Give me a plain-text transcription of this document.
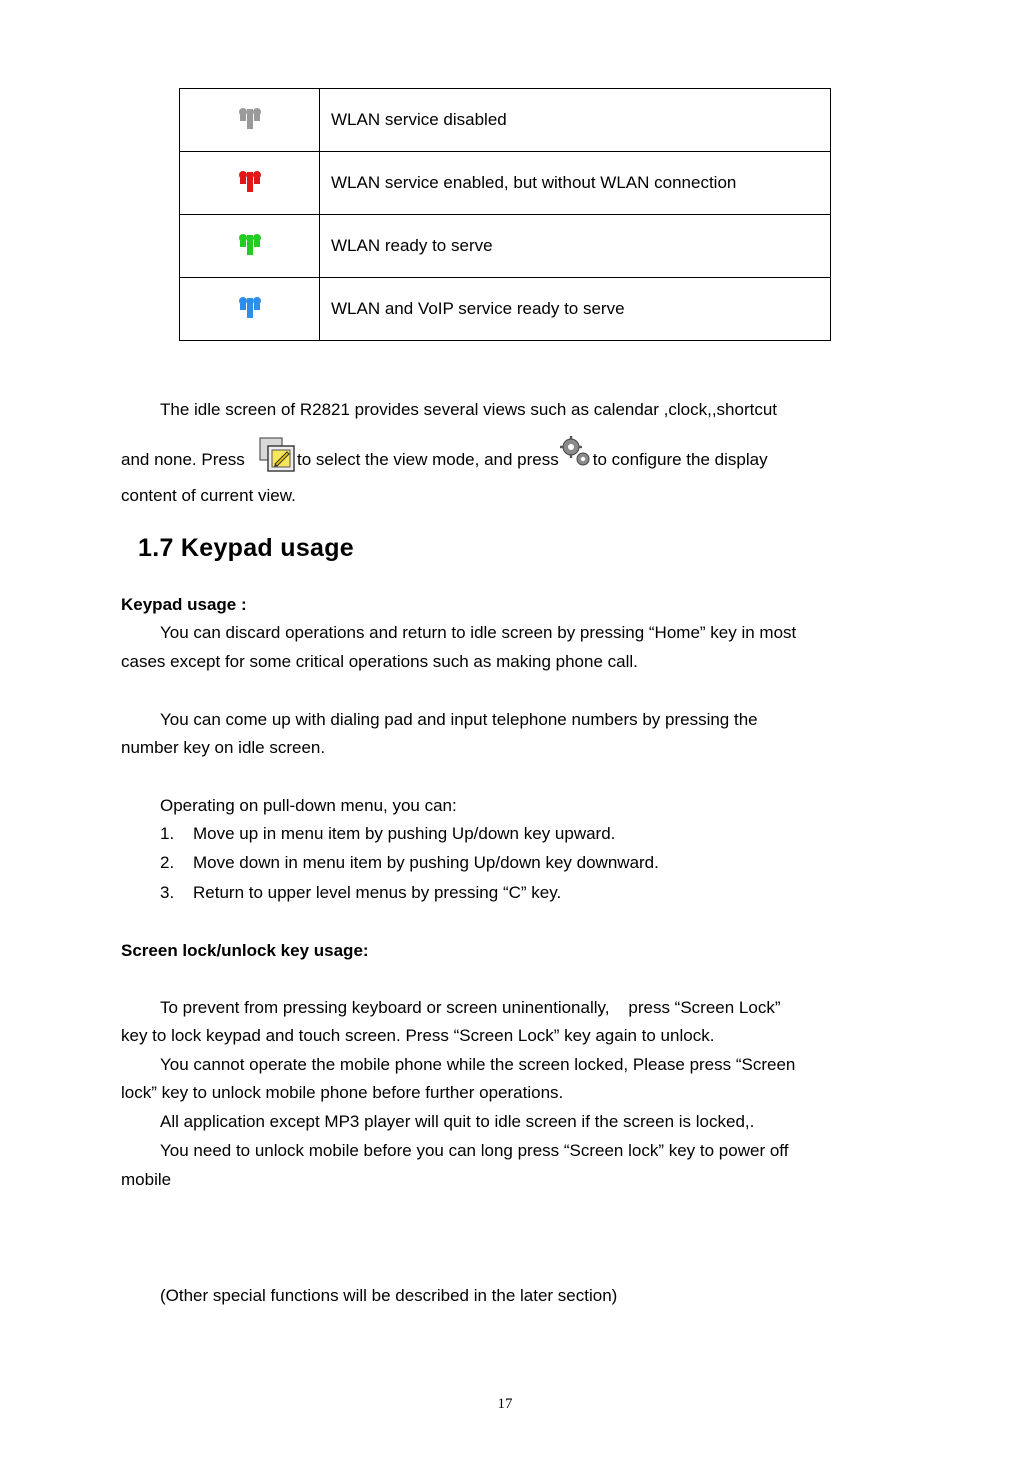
	WLAN service disabled
	WLAN service enabled, but without WLAN connection
	WLAN ready to serve
	WLAN and VoIP service ready to serve
The idle screen of R2821 provides several views such as calendar ,clock,,shortcut
and none. Press	to select the view mode, and press to configure the display
content of current view.
1.7 Keypad usage
Keypad usage :
You can discard operations and return to idle screen by pressing “Home” key in most
cases except for some critical operations such as making phone call.
You can come up with dialing pad and input telephone numbers by pressing the
number key on idle screen.
Operating on pull-down menu, you can:
1. Move up in menu item by pushing Up/down key upward.
2. Move down in menu item by pushing Up/down key downward.
3. Return to upper level menus by pressing “C” key.
Screen lock/unlock key usage:
To prevent from pressing keyboard or screen uninentionally,    press “Screen Lock”
key to lock keypad and touch screen. Press “Screen Lock” key again to unlock.
You cannot operate the mobile phone while the screen locked, Please press “Screen
lock” key to unlock mobile phone before further operations.
All application except MP3 player will quit to idle screen if the screen is locked,.
You need to unlock mobile before you can long press “Screen lock” key to power off
mobile
(Other special functions will be described in the later section)
17
